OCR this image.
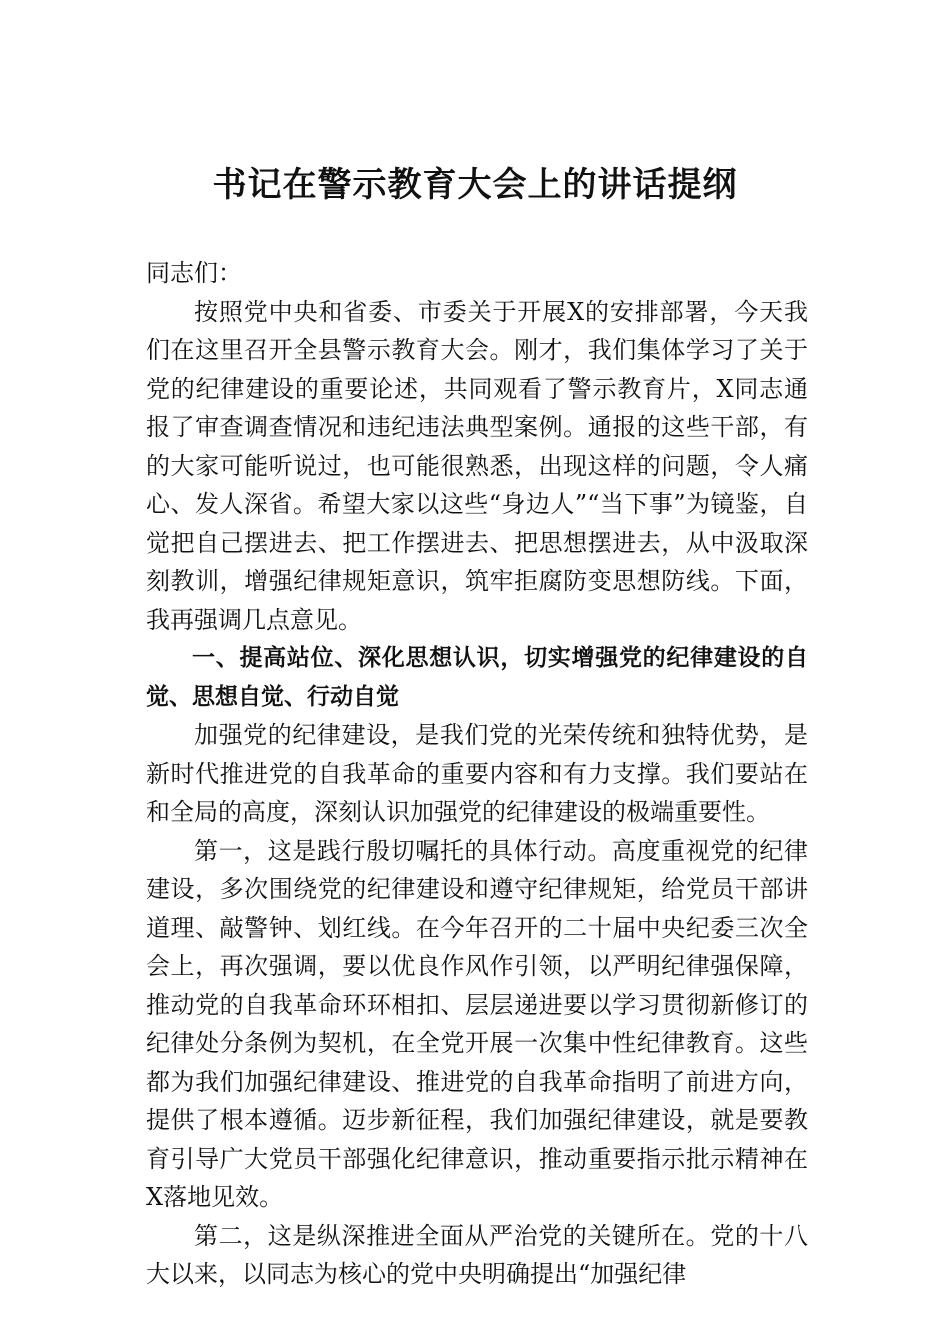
书记在警示教育大会上的讲话提纲

同志们：

按照党中央和省委、市委关于开展X的安排部署，今天我们在这里召开全县警示教育大会。刚才，我们集体学习了关于党的纪律建设的重要论述，共同观看了警示教育片，X同志通报了审查调查情况和违纪违法典型案例。通报的这些干部，有的大家可能听说过，也可能很熟悉，出现这样的问题，令人痛心、发人深省。希望大家以这些“身边人”“当下事”为镜鉴，自觉把自己摆进去、把工作摆进去、把思想摆进去，从中汲取深刻教训，增强纪律规矩意识，筑牢拒腐防变思想防线。下面，我再强调几点意见。

一、提高站位、深化思想认识，切实增强党的纪律建设的自觉、思想自觉、行动自觉

加强党的纪律建设，是我们党的光荣传统和独特优势，是新时代推进党的自我革命的重要内容和有力支撑。我们要站在和全局的高度，深刻认识加强党的纪律建设的极端重要性。

第一，这是践行殷切嘱托的具体行动。高度重视党的纪律建设，多次围绕党的纪律建设和遵守纪律规矩，给党员干部讲道理、敲警钟、划红线。在今年召开的二十届中央纪委三次全会上，再次强调，要以优良作风作引领，以严明纪律强保障，推动党的自我革命环环相扣、层层递进要以学习贯彻新修订的纪律处分条例为契机，在全党开展一次集中性纪律教育。这些都为我们加强纪律建设、推进党的自我革命指明了前进方向，提供了根本遵循。迈步新征程，我们加强纪律建设，就是要教育引导广大党员干部强化纪律意识，推动重要指示批示精神在X落地见效。

第二，这是纵深推进全面从严治党的关键所在。党的十八大以来，以同志为核心的党中央明确提出“加强纪律
